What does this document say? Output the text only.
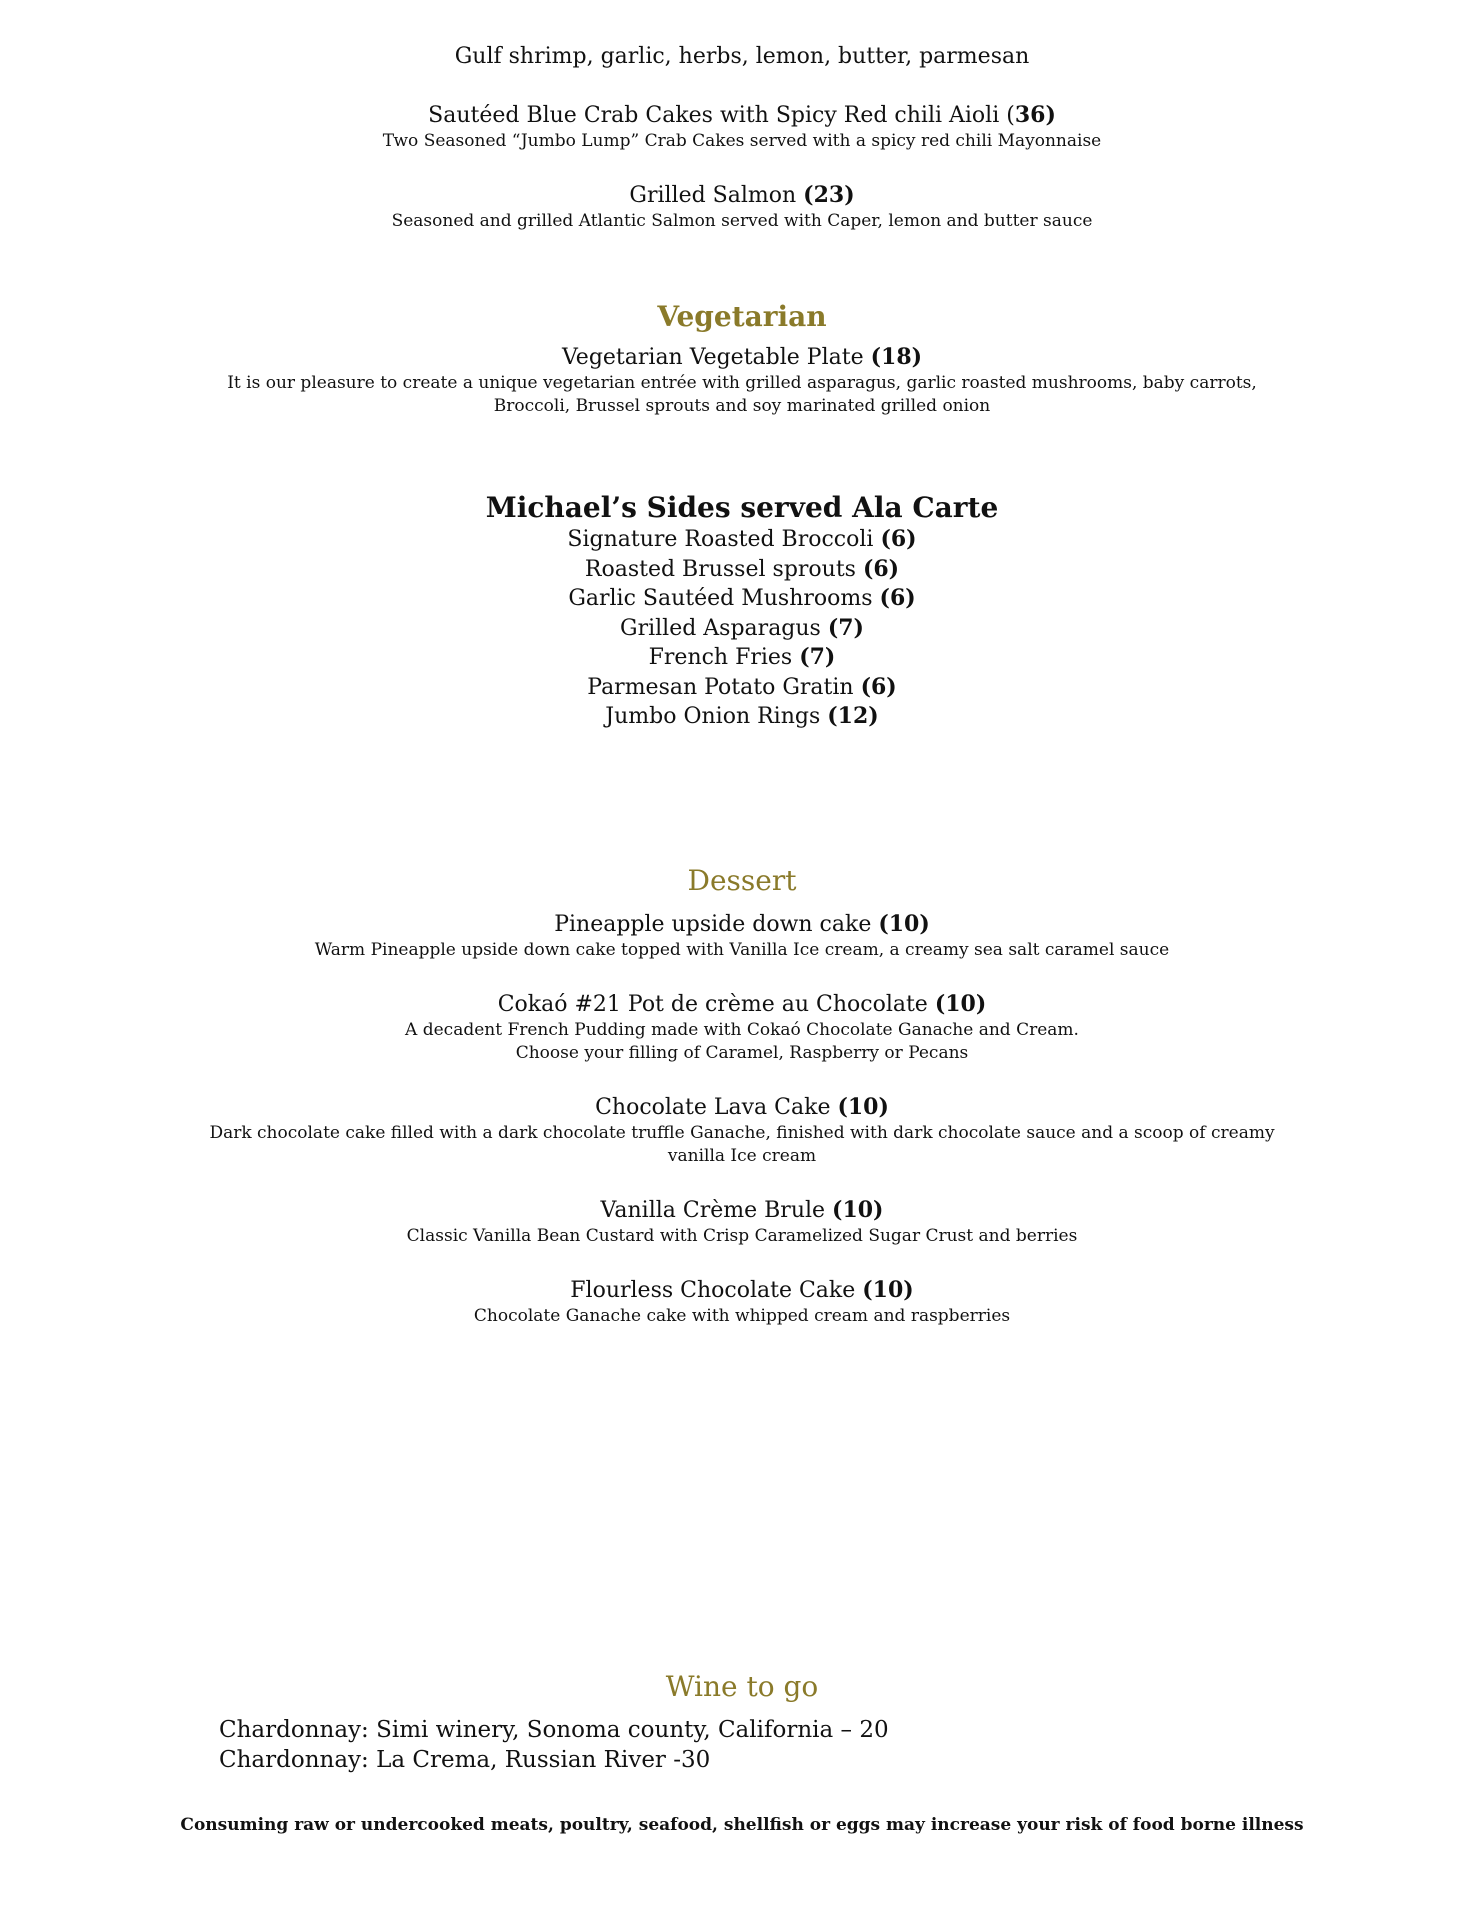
Gulf shrimp, garlic, herbs, lemon, butter, parmesan
Sautéed Blue Crab Cakes with Spicy Red chili Aioli (36)
Two Seasoned “Jumbo Lump” Crab Cakes served with a spicy red chili Mayonnaise
Grilled Salmon (23)
Seasoned and grilled Atlantic Salmon served with Caper, lemon and butter sauce
Vegetarian
Vegetarian Vegetable Plate (18)
It is our pleasure to create a unique vegetarian entrée with grilled asparagus, garlic roasted mushrooms, baby carrots,
Broccoli, Brussel sprouts and soy marinated grilled onion
Michael’s Sides served Ala Carte
Signature Roasted Broccoli (6)
Roasted Brussel sprouts (6)
Garlic Sautéed Mushrooms (6)
Grilled Asparagus (7)
French Fries (7)
Parmesan Potato Gratin (6)
Jumbo Onion Rings (12)
Dessert
Pineapple upside down cake (10)
Warm Pineapple upside down cake topped with Vanilla Ice cream, a creamy sea salt caramel sauce
Cokaó #21 Pot de crème au Chocolate (10)
A decadent French Pudding made with Cokaó Chocolate Ganache and Cream.
Choose your filling of Caramel, Raspberry or Pecans
Chocolate Lava Cake (10)
Dark chocolate cake filled with a dark chocolate truffle Ganache, finished with dark chocolate sauce and a scoop of creamy
vanilla Ice cream
Vanilla Crème Brule (10)
Classic Vanilla Bean Custard with Crisp Caramelized Sugar Crust and berries
Flourless Chocolate Cake (10)
Chocolate Ganache cake with whipped cream and raspberries
Wine to go
Chardonnay: Simi winery, Sonoma county, California – 20
Chardonnay: La Crema, Russian River -30
Consuming raw or undercooked meats, poultry, seafood, shellfish or eggs may increase your risk of food borne illness
